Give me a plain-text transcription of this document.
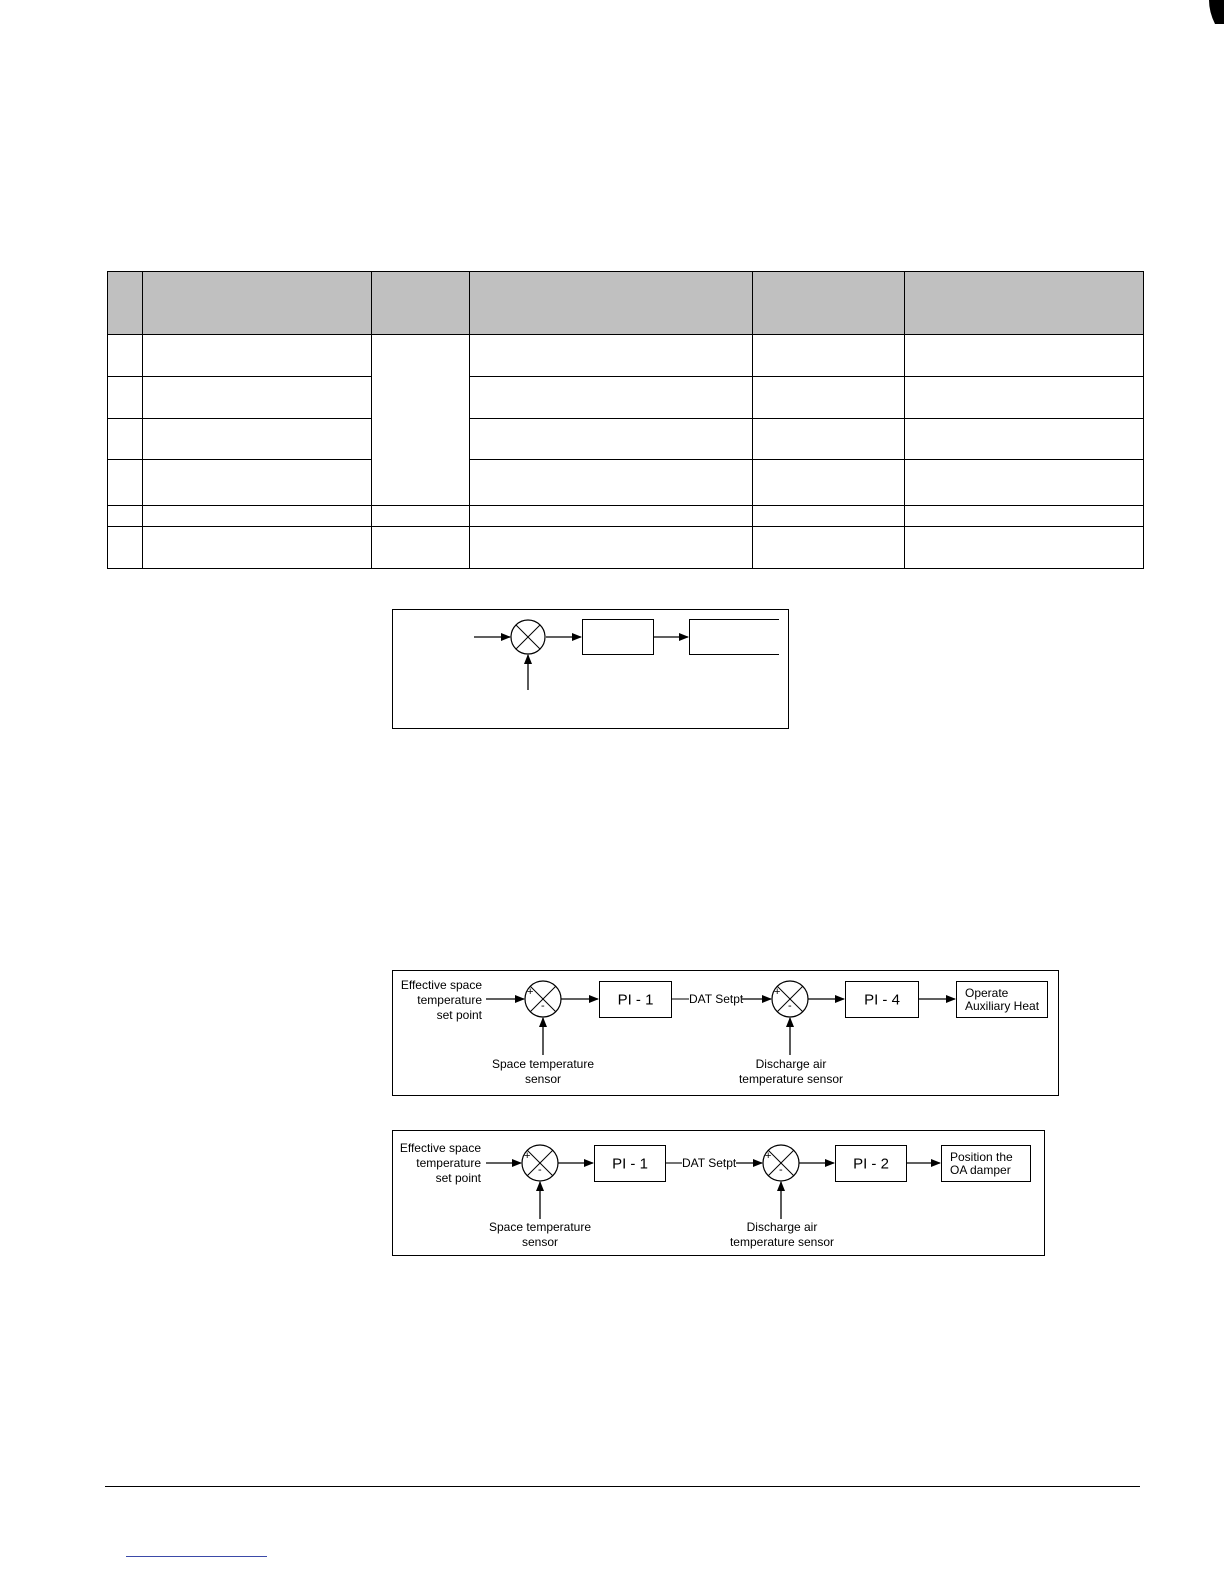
Effective space
temperature
set point
+
-	PI - 1	DAT Setpt	+
-	PI - 4	Operate
Auxiliary Heat
Space temperature
sensor
Discharge air
temperature sensor
Effective space
temperature
set point
+
-	PI - 1	DAT Setpt	+
-	PI - 2	Position the
OA damper
Space temperature
sensor
Discharge air
temperature sensor
